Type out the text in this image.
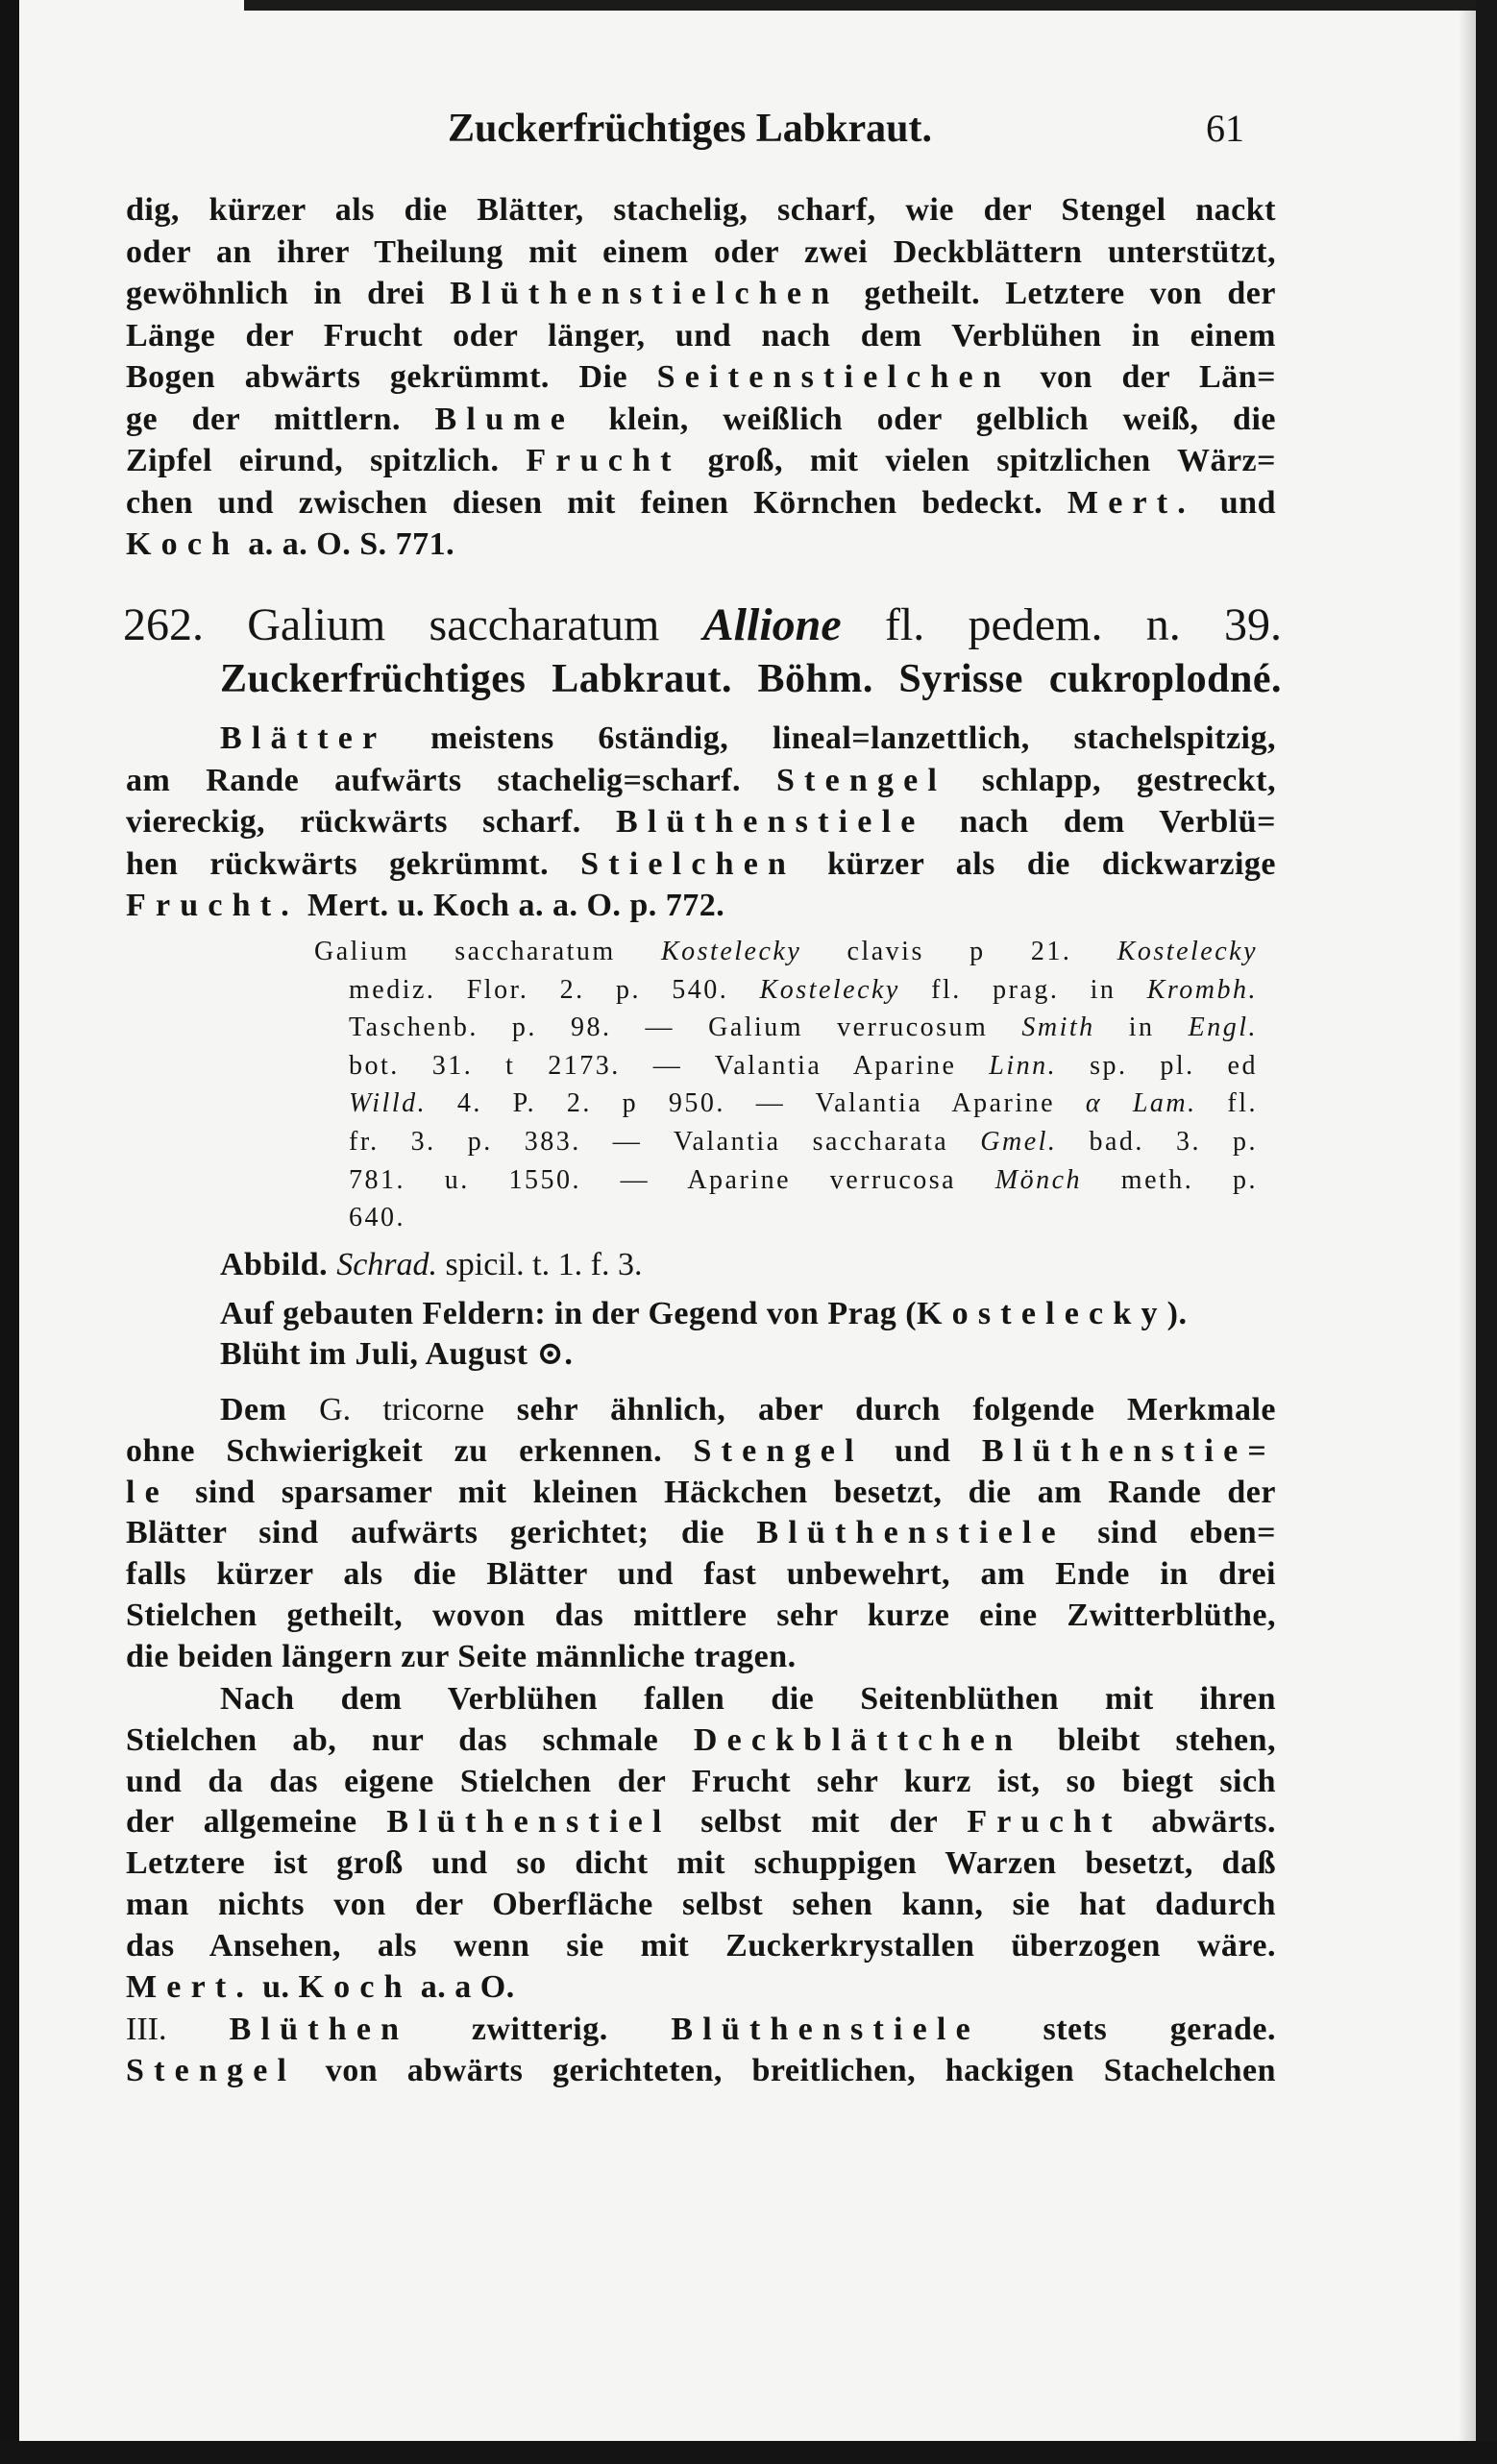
Zuckerfrüchtiges Labkraut.	61
dig, kürzer als die Blätter, stachelig, scharf, wie der Stengel nackt
oder an ihrer Theilung mit einem oder zwei Deckblättern unterstützt,
gewöhnlich in drei Blüthenstielchen getheilt. Letztere von der
Länge der Frucht oder länger, und nach dem Verblühen in einem
Bogen abwärts gekrümmt. Die Seitenstielchen von der Län=
ge der mittlern. Blume klein, weißlich oder gelblich weiß, die
Zipfel eirund, spitzlich. Frucht groß, mit vielen spitzlichen Wärz=
chen und zwischen diesen mit feinen Körnchen bedeckt. Mert. und
Koch a. a. O. S. 771.
262. Galium saccharatum Allione fl. pedem. n. 39.
Zuckerfrüchtiges Labkraut. Böhm. Syrisse cukroplodné.
Blätter meistens 6ständig, lineal=lanzettlich, stachelspitzig,
am Rande aufwärts stachelig=scharf. Stengel schlapp, gestreckt,
viereckig, rückwärts scharf. Blüthenstiele nach dem Verblü=
hen rückwärts gekrümmt. Stielchen kürzer als die dickwarzige
Frucht. Mert. u. Koch a. a. O. p. 772.
Galium saccharatum Kostelecky clavis p 21. Kostelecky
mediz. Flor. 2. p. 540. Kostelecky fl. prag. in Krombh.
Taschenb. p. 98. — Galium verrucosum Smith in Engl.
bot. 31. t 2173. — Valantia Aparine Linn. sp. pl. ed
Willd. 4. P. 2. p 950. — Valantia Aparine α Lam. fl.
fr. 3. p. 383. — Valantia saccharata Gmel. bad. 3. p.
781. u. 1550. — Aparine verrucosa Mönch meth. p.
640.
Abbild. Schrad. spicil. t. 1. f. 3.
Auf gebauten Feldern: in der Gegend von Prag (Kostelecky).
Blüht im Juli, August ⊙.
Dem G. tricorne sehr ähnlich, aber durch folgende Merkmale
ohne Schwierigkeit zu erkennen. Stengel und Blüthenstie=
le sind sparsamer mit kleinen Häckchen besetzt, die am Rande der
Blätter sind aufwärts gerichtet; die Blüthenstiele sind eben=
falls kürzer als die Blätter und fast unbewehrt, am Ende in drei
Stielchen getheilt, wovon das mittlere sehr kurze eine Zwitterblüthe,
die beiden längern zur Seite männliche tragen.
Nach dem Verblühen fallen die Seitenblüthen mit ihren
Stielchen ab, nur das schmale Deckblättchen bleibt stehen,
und da das eigene Stielchen der Frucht sehr kurz ist, so biegt sich
der allgemeine Blüthenstiel selbst mit der Frucht abwärts.
Letztere ist groß und so dicht mit schuppigen Warzen besetzt, daß
man nichts von der Oberfläche selbst sehen kann, sie hat dadurch
das Ansehen, als wenn sie mit Zuckerkrystallen überzogen wäre.
Mert. u. Koch a. a O.
III. Blüthen zwitterig. Blüthenstiele stets gerade.
Stengel von abwärts gerichteten, breitlichen, hackigen Stachelchen
